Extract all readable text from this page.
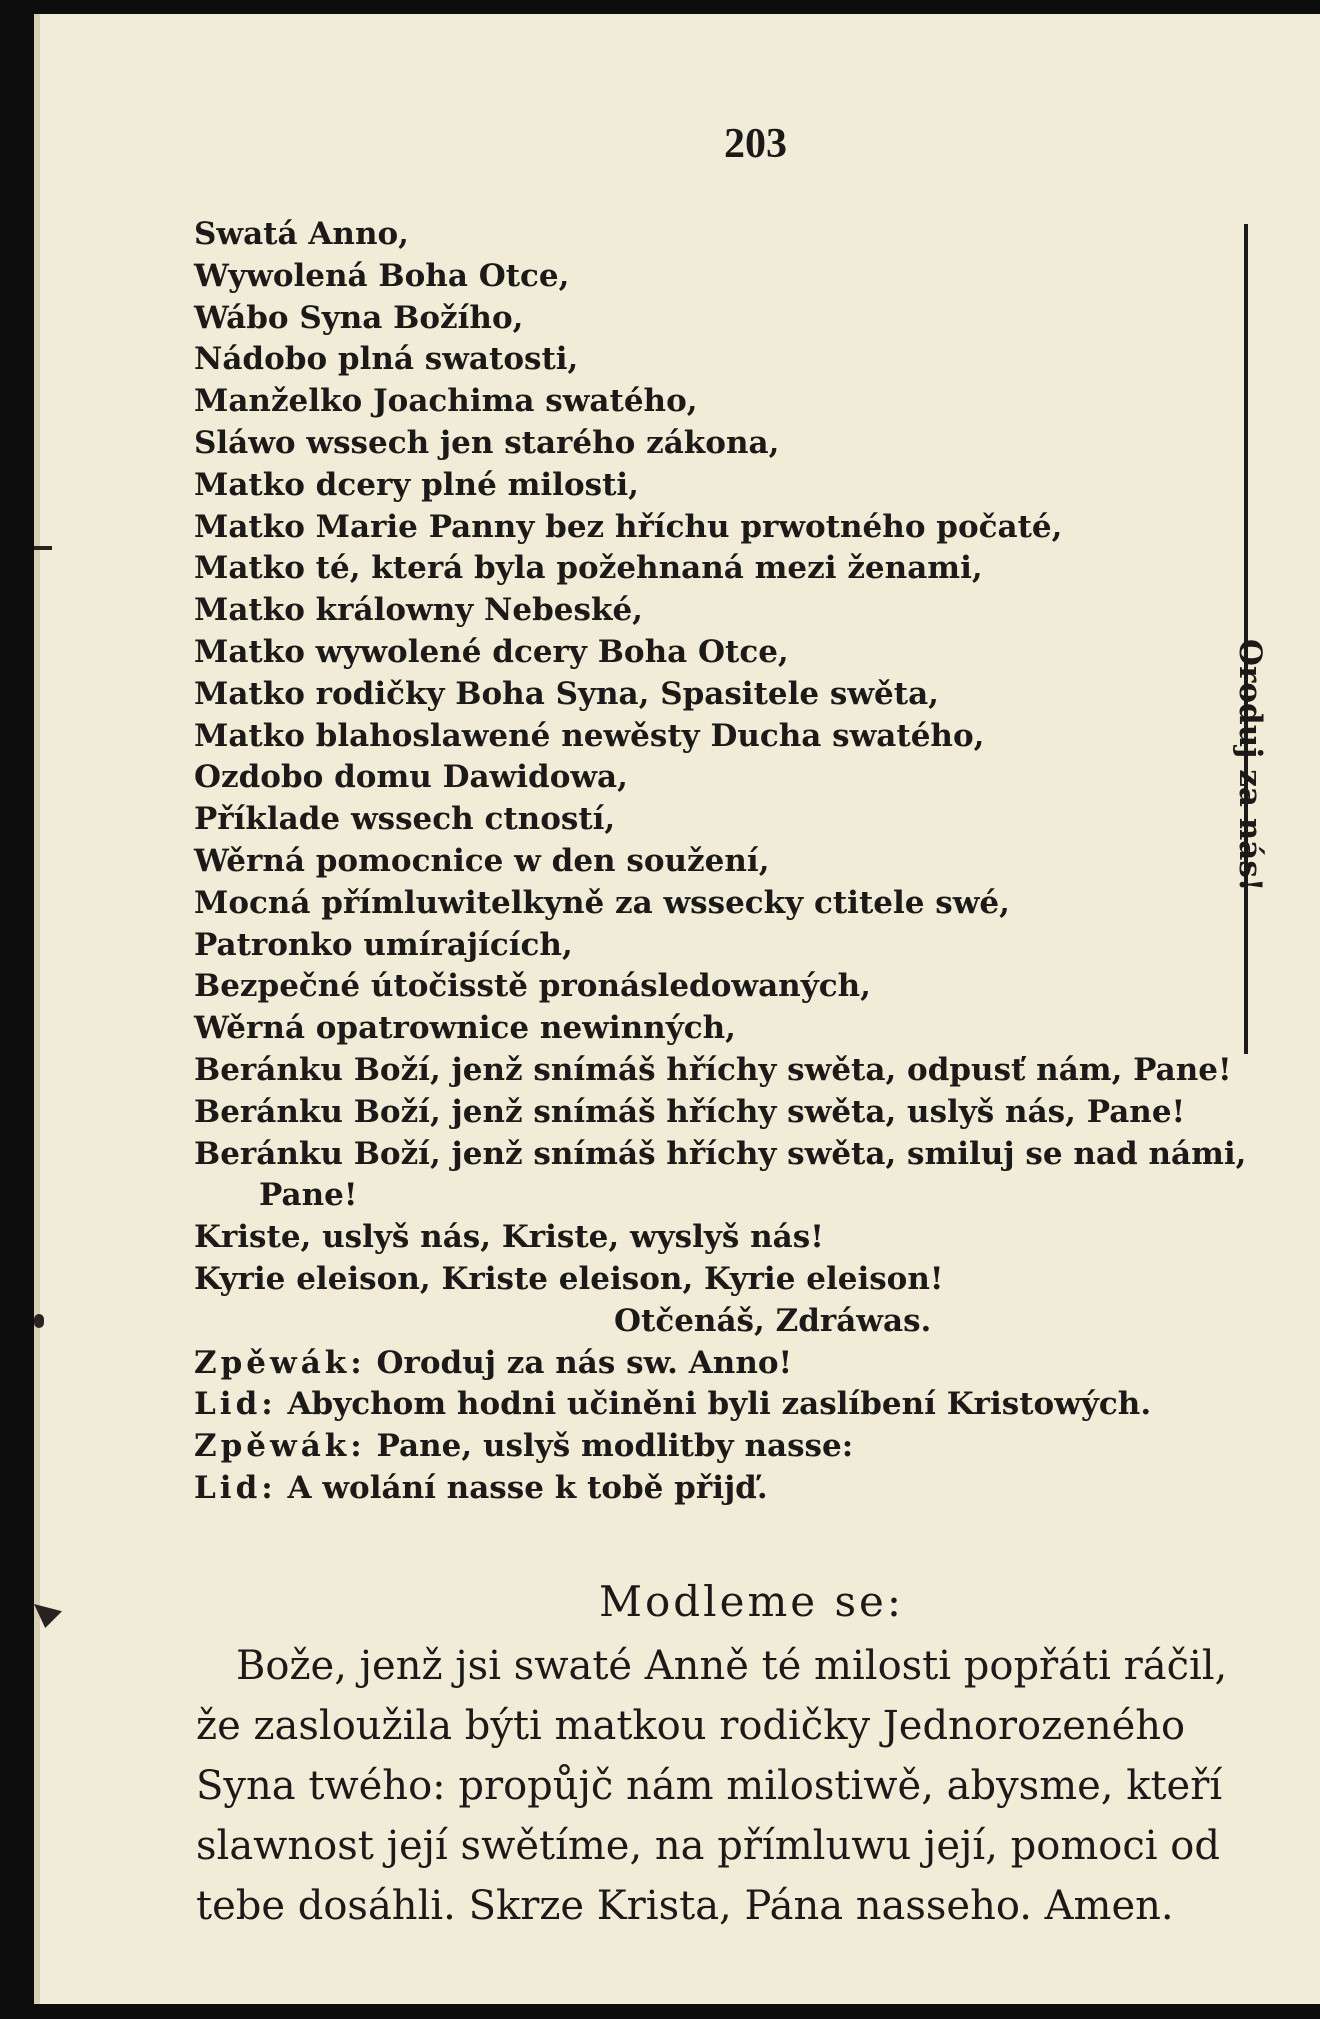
203
Swatá Anno,
Wywolená Boha Otce,
Wábo Syna Božího,
Nádobo plná swatosti,
Manželko Joachima swatého,
Sláwo wssech jen starého zákona,
Matko dcery plné milosti,
Matko Marie Panny bez hříchu prwotného počaté,
Matko té, která byla požehnaná mezi ženami,
Matko králowny Nebeské,
Matko wywolené dcery Boha Otce,
Matko rodičky Boha Syna, Spasitele swěta,
Matko blahoslawené newěsty Ducha swatého,
Ozdobo domu Dawidowa,
Příklade wssech ctností,
Wěrná pomocnice w den soužení,
Mocná přímluwitelkyně za wssecky ctitele swé,
Patronko umírajících,
Bezpečné útočisstě pronásledowaných,
Wěrná opatrownice newinných,
Beránku Boží, jenž snímáš hříchy swěta, odpusť nám, Pane!
Beránku Boží, jenž snímáš hříchy swěta, uslyš nás, Pane!
Beránku Boží, jenž snímáš hříchy swěta, smiluj se nad námi,
Pane!
Kriste, uslyš nás, Kriste, wyslyš nás!
Kyrie eleison, Kriste eleison, Kyrie eleison!
Otčenáš, Zdráwas.
Zpěwák: Oroduj za nás sw. Anno!
Lid: Abychom hodni učiněni byli zaslíbení Kristowých.
Zpěwák: Pane, uslyš modlitby nasse:
Lid: A wolání nasse k tobě přijď.
Oroduj za nás!
Modleme se:
Bože, jenž jsi swaté Anně té milosti popřáti ráčil,
že zasloužila býti matkou rodičky Jednorozeného
Syna twého: propůjč nám milostiwě, abysme, kteří
slawnost její swětíme, na přímluwu její, pomoci od
tebe dosáhli. Skrze Krista, Pána nasseho. Amen.
